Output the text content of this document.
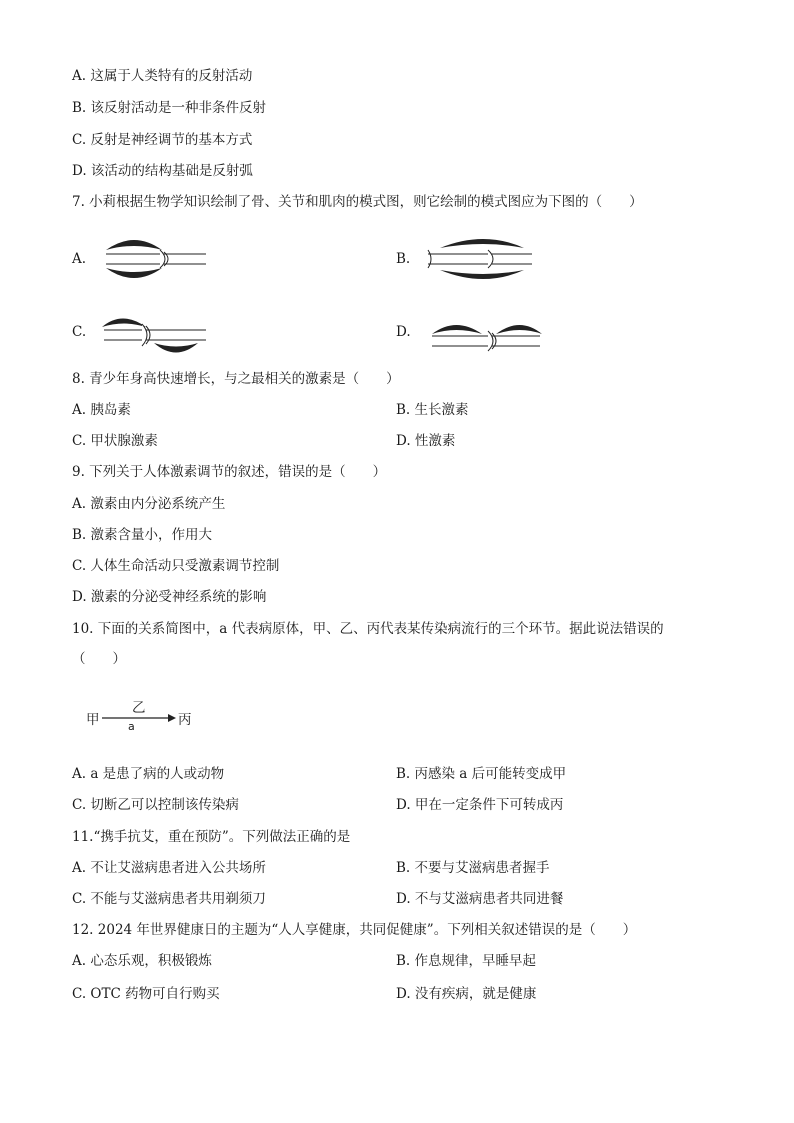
A. 这属于人类特有的反射活动
B. 该反射活动是一种非条件反射
C. 反射是神经调节的基本方式
D. 该活动的结构基础是反射弧
7. 小莉根据生物学知识绘制了骨、关节和肌肉的模式图，则它绘制的模式图应为下图的（　　）
A.	B.
C.	D.
8. 青少年身高快速增长，与之最相关的激素是（　　）
A. 胰岛素	B. 生长激素
C. 甲状腺激素	D. 性激素
9. 下列关于人体激素调节的叙述，错误的是（　　）
A. 激素由内分泌系统产生
B. 激素含量小，作用大
C. 人体生命活动只受激素调节控制
D. 激素的分泌受神经系统的影响
10. 下面的关系简图中，a 代表病原体，甲、乙、丙代表某传染病流行的三个环节。据此说法错误的
（　　）
甲
乙
a	丙
A. a 是患了病的人或动物	B. 丙感染 a 后可能转变成甲
C. 切断乙可以控制该传染病	D. 甲在一定条件下可转成丙
11.“携手抗艾，重在预防”。下列做法正确的是
A. 不让艾滋病患者进入公共场所	B. 不要与艾滋病患者握手
C. 不能与艾滋病患者共用剃须刀	D. 不与艾滋病患者共同进餐
12. 2024 年世界健康日的主题为“人人享健康，共同促健康”。下列相关叙述错误的是（　　）
A. 心态乐观，积极锻炼	B. 作息规律，早睡早起
C. OTC 药物可自行购买	D. 没有疾病，就是健康
